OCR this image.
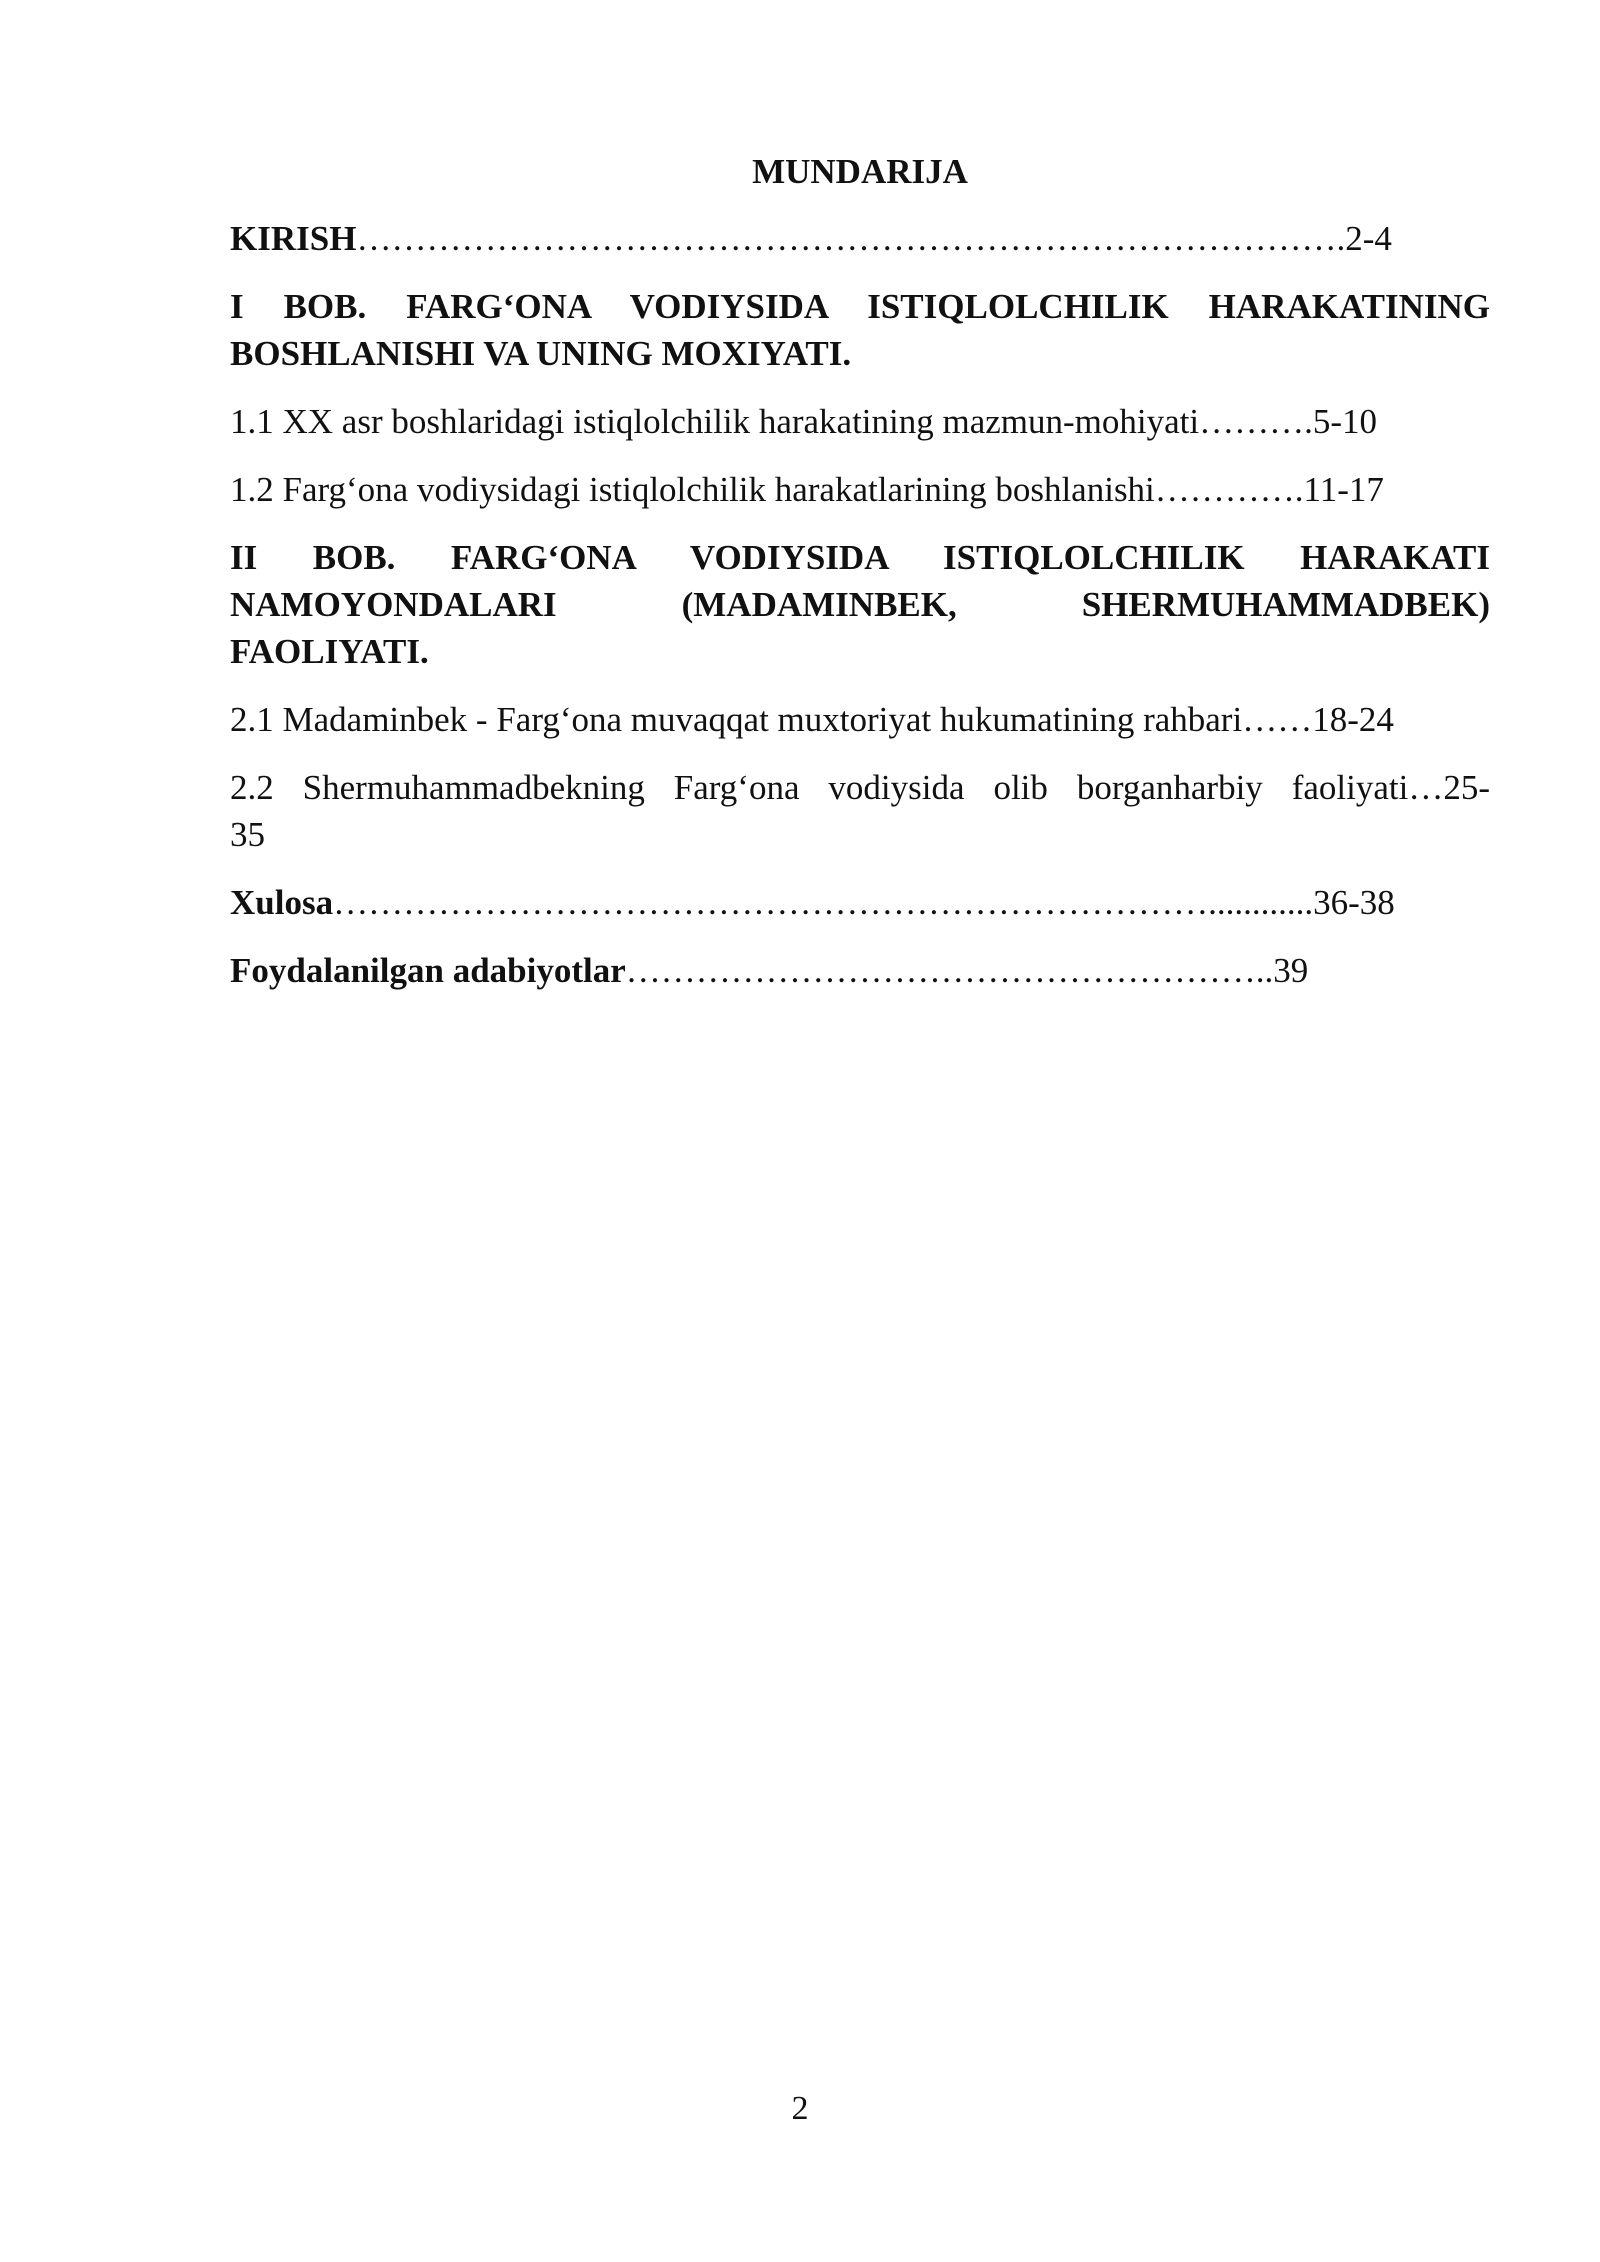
MUNDARIJA
KIRISH………………………………………………………………………….2-4
I BOB. FARG‘ONA VODIYSIDA ISTIQLOLCHILIK HARAKATINING
BOSHLANISHI VA UNING MOXIYATI.
1.1 XX asr boshlaridagi istiqlolchilik harakatining mazmun-mohiyati……….5-10
1.2 Farg‘ona vodiysidagi istiqlolchilik harakatlarining boshlanishi………….11-17
II BOB. FARG‘ONA VODIYSIDA ISTIQLOLCHILIK HARAKATI
NAMOYONDALARI (MADAMINBEK, SHERMUHAMMADBEK)
FAOLIYATI.
2.1 Madaminbek - Farg‘ona muvaqqat muxtoriyat hukumatining rahbari……18-24
2.2 Shermuhammadbekning Farg‘ona vodiysida olib borganharbiy faoliyati…25-
35
Xulosa…………………………………………………………………............36-38
Foydalanilgan adabiyotlar………………………………………………..39
2
